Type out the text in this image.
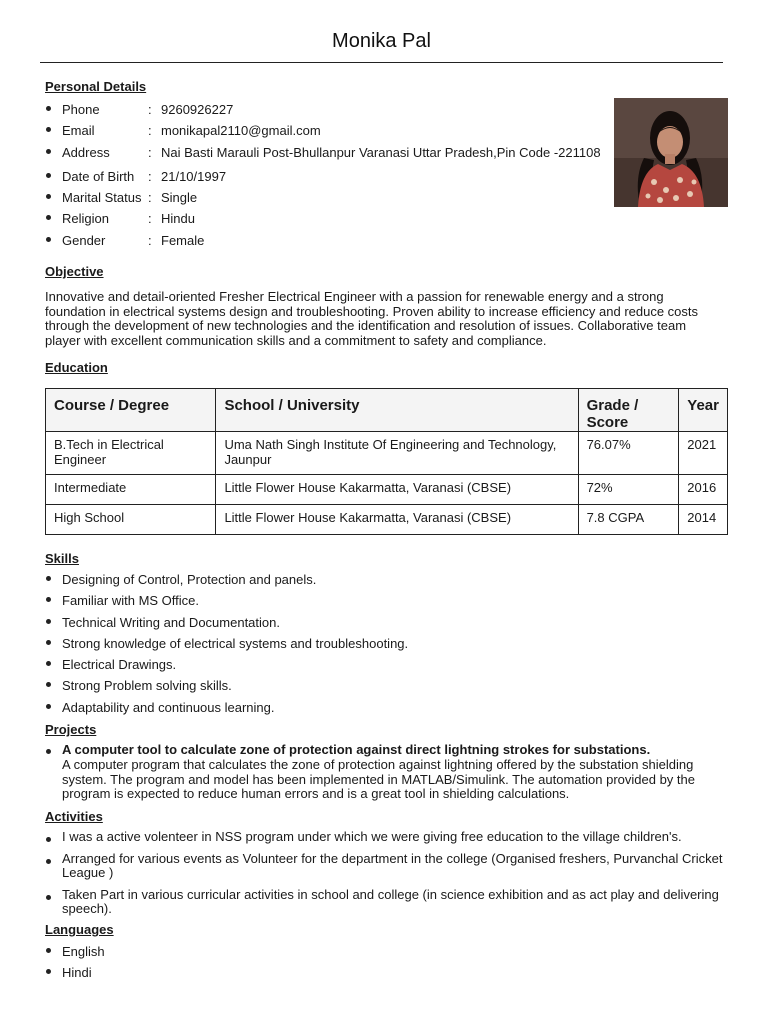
Monika Pal
Personal Details
Phone	: 9260926227
Email	: monikapal2110@gmail.com
Address	: Nai Basti Marauli Post-Bhullanpur Varanasi Uttar Pradesh,Pin Code -221108
Date of Birth	: 21/10/1997
Marital Status : Single
Religion	: Hindu
Gender	: Female
Objective

Innovative and detail-oriented Fresher Electrical Engineer with a passion for renewable energy and a strong foundation in electrical systems design and troubleshooting. Proven ability to increase efficiency and reduce costs through the development of new technologies and the identification and resolution of issues. Collaborative team player with excellent communication skills and a commitment to safety and compliance.

Education
Course / Degree	School / University	Grade / Score	Year
B.Tech in Electrical Engineer	Uma Nath Singh Institute Of Engineering and Technology, Jaunpur	76.07%	2021
Intermediate	Little Flower House Kakarmatta, Varanasi (CBSE)	72%	2016
High School	Little Flower House Kakarmatta, Varanasi (CBSE)	7.8 CGPA	2014
Skills
Designing of Control, Protection and panels.
Familiar with MS Office.
Technical Writing and Documentation.
Strong knowledge of electrical systems and troubleshooting.
Electrical Drawings.
Strong Problem solving skills.
Adaptability and continuous learning.
Projects
A computer tool to calculate zone of protection against direct lightning strokes for substations.
A computer program that calculates the zone of protection against lightning offered by the substation shielding system. The program and model has been implemented in MATLAB/Simulink. The automation provided by the program is expected to reduce human errors and is a great tool in shielding calculations.
Activities
I was a active volenteer in NSS program under which we were giving free education to the village children's.
Arranged for various events as Volunteer for the department in the college (Organised freshers, Purvanchal Cricket League )
Taken Part in various curricular activities in school and college (in science exhibition and as act play and delivering speech).
Languages
English
Hindi
